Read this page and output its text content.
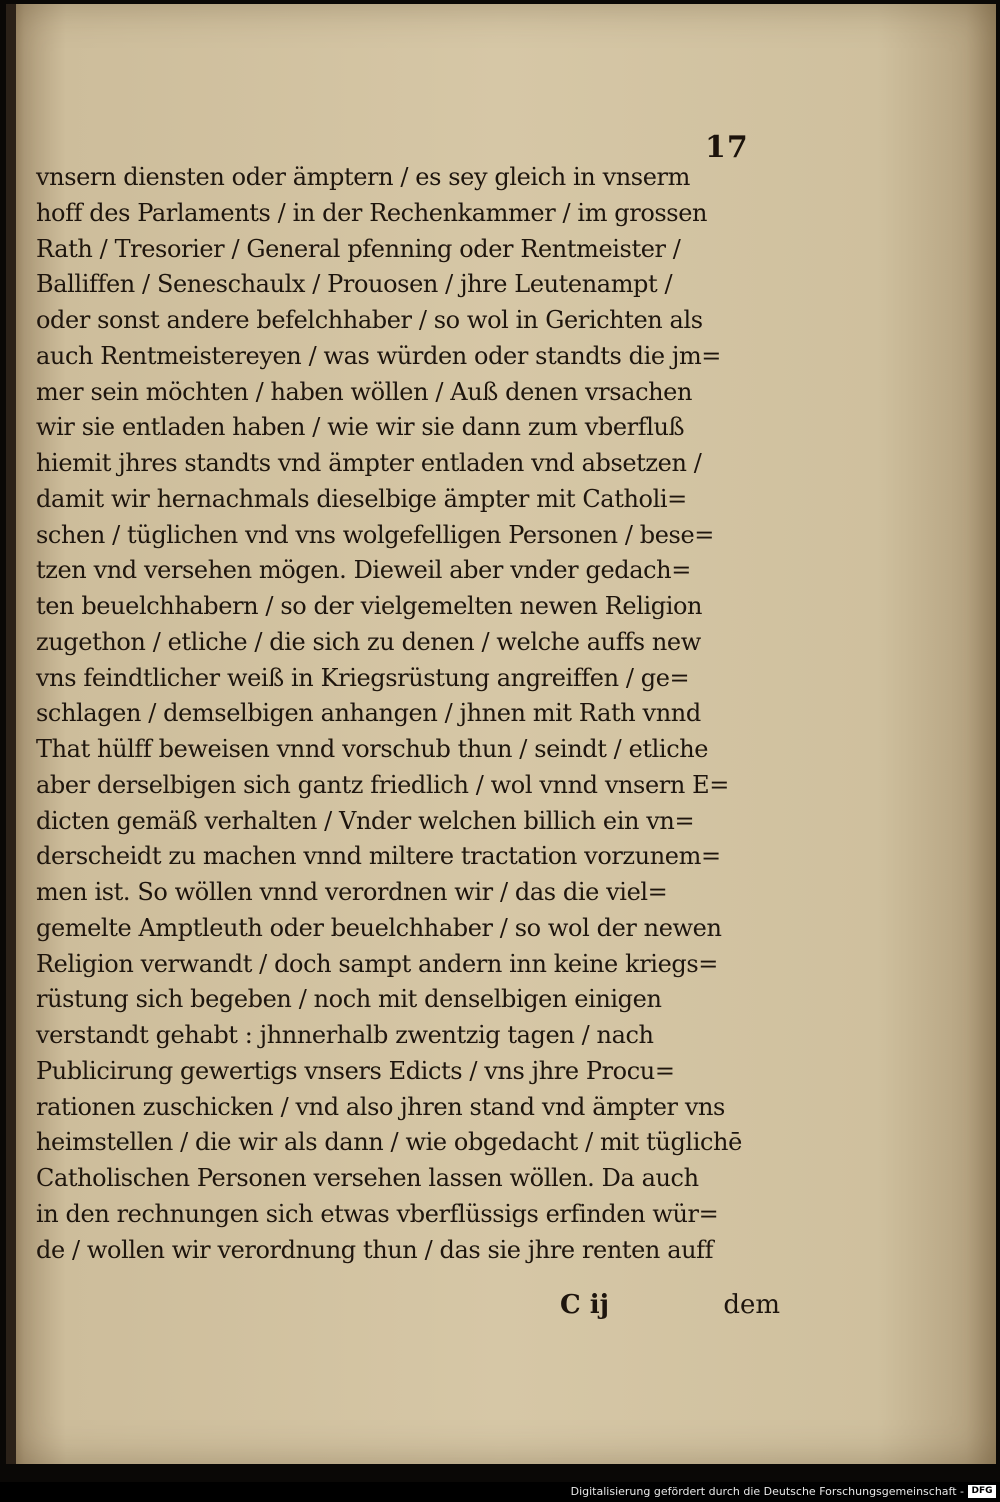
17
vnsern diensten oder ämptern / es sey gleich in vnserm
hoff des Parlaments / in der Rechenkammer / im grossen
Rath / Tresorier / General pfenning oder Rentmeister /
Balliffen / Seneschaulx / Prouosen / jhre Leutenampt /
oder sonst andere befelchhaber / so wol in Gerichten als
auch Rentmeistereyen / was würden oder standts die jm=
mer sein möchten / haben wöllen / Auß denen vrsachen
wir sie entladen haben / wie wir sie dann zum vberfluß
hiemit jhres standts vnd ämpter entladen vnd absetzen /
damit wir hernachmals dieselbige ämpter mit Catholi=
schen / tüglichen vnd vns wolgefelligen Personen / bese=
tzen vnd versehen mögen. Dieweil aber vnder gedach=
ten beuelchhabern / so der vielgemelten newen Religion
zugethon / etliche / die sich zu denen / welche auffs new
vns feindtlicher weiß in Kriegsrüstung angreiffen / ge=
schlagen / demselbigen anhangen / jhnen mit Rath vnnd
That hülff beweisen vnnd vorschub thun / seindt / etliche
aber derselbigen sich gantz friedlich / wol vnnd vnsern E=
dicten gemäß verhalten / Vnder welchen billich ein vn=
derscheidt zu machen vnnd miltere tractation vorzunem=
men ist. So wöllen vnnd verordnen wir / das die viel=
gemelte Amptleuth oder beuelchhaber / so wol der newen
Religion verwandt / doch sampt andern inn keine kriegs=
rüstung sich begeben / noch mit denselbigen einigen
verstandt gehabt : jhnnerhalb zwentzig tagen / nach
Publicirung gewertigs vnsers Edicts / vns jhre Procu=
rationen zuschicken / vnd also jhren stand vnd ämpter vns
heimstellen / die wir als dann / wie obgedacht / mit tüglichē
Catholischen Personen versehen lassen wöllen. Da auch
in den rechnungen sich etwas vberflüssigs erfinden wür=
de / wollen wir verordnung thun / das sie jhre renten auff
C ij	dem
Digitalisierung gefördert durch die Deutsche Forschungsgemeinschaft - DFG
